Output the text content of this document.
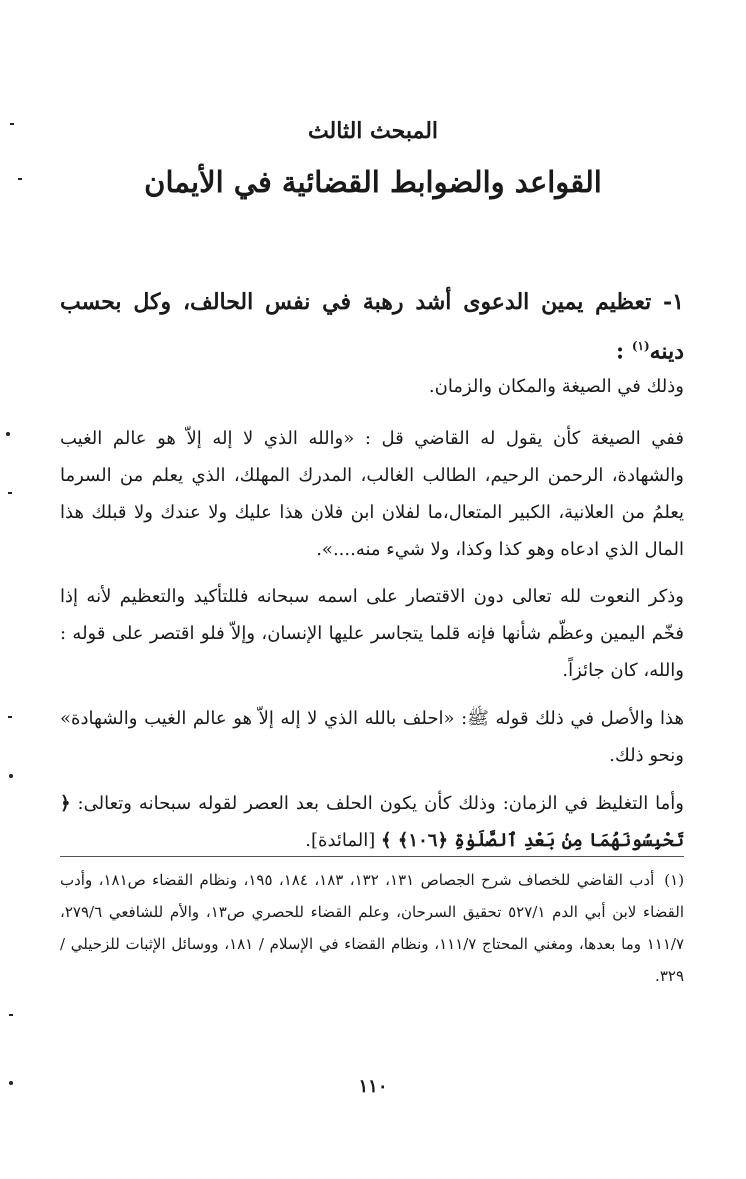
المبحث الثالث
القواعد والضوابط القضائية في الأيمان
١- تعظيم يمين الدعوى أشد رهبة في نفس الحالف، وكل بحسب دينه$^{(١)}$ :

وذلك في الصيغة والمكان والزمان.

ففي الصيغة كأن يقول له القاضي قل : «والله الذي لا إله إلاّ هو عالم الغيب والشهادة، الرحمن الرحيم، الطالب الغالب، المدرك المهلك، الذي يعلم من السرما يعلمُ من العلانية، الكبير المتعال،ما لفلان ابن فلان هذا عليك ولا عندك ولا قبلك هذا المال الذي ادعاه وهو كذا وكذا، ولا شيء منه....».

وذكر النعوت لله تعالى دون الاقتصار على اسمه سبحانه فللتأكيد والتعظيم لأنه إذا فخّم اليمين وعظّم شأنها فإنه قلما يتجاسر عليها الإنسان، وإلاّ فلو اقتصر على قوله : والله، كان جائزاً.

هذا والأصل في ذلك قوله ﷺ: «احلف بالله الذي لا إله إلاّ هو عالم الغيب والشهادة» ونحو ذلك.

وأما التغليظ في الزمان: وذلك كأن يكون الحلف بعد العصر لقوله سبحانه وتعالى: ﴿ تَحْبِسُونَهُمَا مِنۢ بَعْدِ ٱلصَّلَوٰةِ ﴿١٠٦﴾ ﴾ [المائدة].

(١)أدب القاضي للخصاف شرح الجصاص ١٣١، ١٣٢، ١٨٣، ١٨٤، ١٩٥، ونظام القضاء ص١٨١، وأدب القضاء لابن أبي الدم ٥٢٧/١ تحقيق السرحان، وعلم القضاء للحصري ص١٣، والأم للشافعي ٢٧٩/٦، ١١١/٧ وما بعدها، ومغني المحتاج ١١١/٧، ونظام القضاء في الإسلام / ١٨١، ووسائل الإثبات للزحيلي / ٣٢٩.
١١٠
